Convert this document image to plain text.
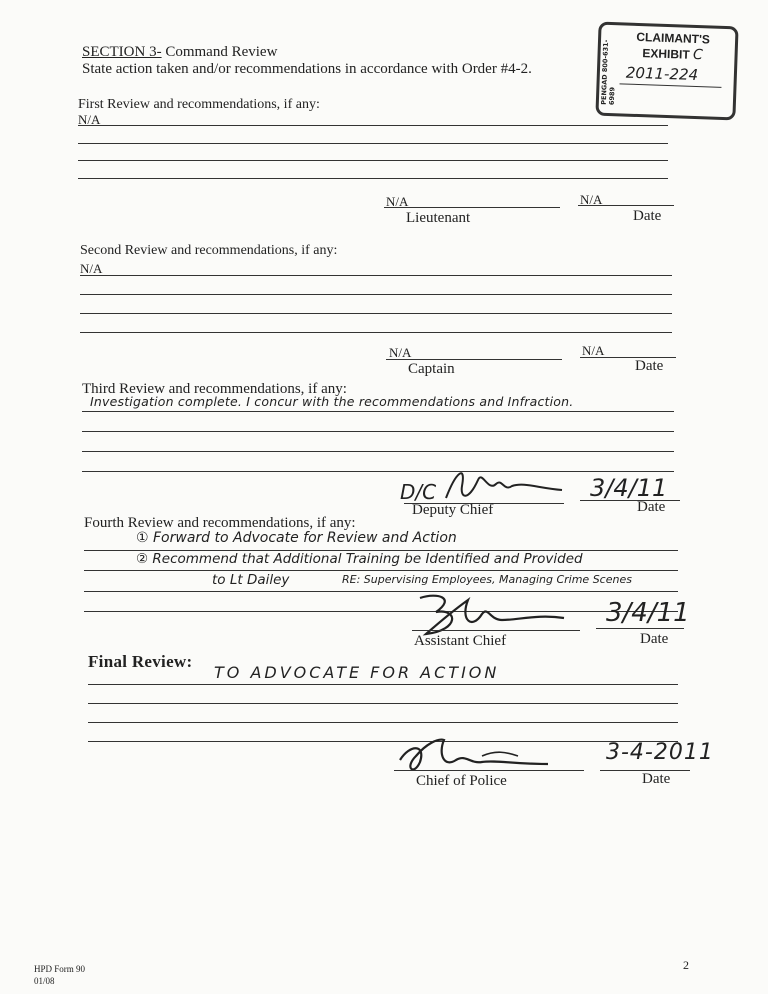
SECTION 3- Command Review
State action taken and/or recommendations in accordance with Order #4-2.	PENGAD 800-631-6989
CLAIMANT'S
EXHIBIT C
2011-224
First Review and recommendations, if any:
N/A
N/A	N/A
Lieutenant	Date
Second Review and recommendations, if any:
N/A
N/A	N/A
Captain	Date
Third Review and recommendations, if any:
Investigation complete. I concur with the recommendations and Infraction.
D/C	3/4/11
Deputy Chief	Date
Fourth Review and recommendations, if any:
① Forward to Advocate for Review and Action
② Recommend that Additional Training be Identified and Provided
to Lt Dailey	RE: Supervising Employees, Managing Crime Scenes
3/4/11
Assistant Chief	Date
Final Review:
TO ADVOCATE FOR ACTION
3-4-2011
Chief of Police	Date
HPD Form 90
01/08
2
